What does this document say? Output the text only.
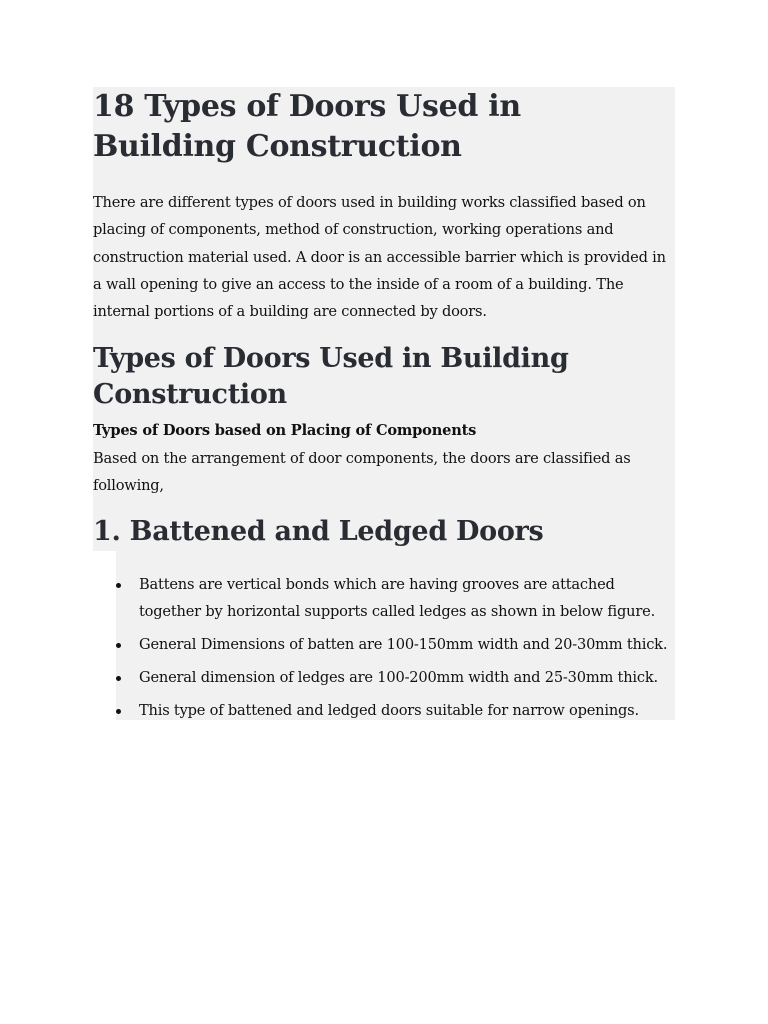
18 Types of Doors Used in Building Construction

There are different types of doors used in building works classified based on placing of components, method of construction, working operations and construction material used. A door is an accessible barrier which is provided in a wall opening to give an access to the inside of a room of a building. The internal portions of a building are connected by doors.

Types of Doors Used in Building Construction
Types of Doors based on Placing of Components

Based on the arrangement of door components, the doors are classified as following,

1. Battened and Ledged Doors
Battens are vertical bonds which are having grooves are attached together by horizontal supports called ledges as shown in below figure.
General Dimensions of batten are 100-150mm width and 20-30mm thick.
General dimension of ledges are 100-200mm width and 25-30mm thick.
This type of battened and ledged doors suitable for narrow openings.
